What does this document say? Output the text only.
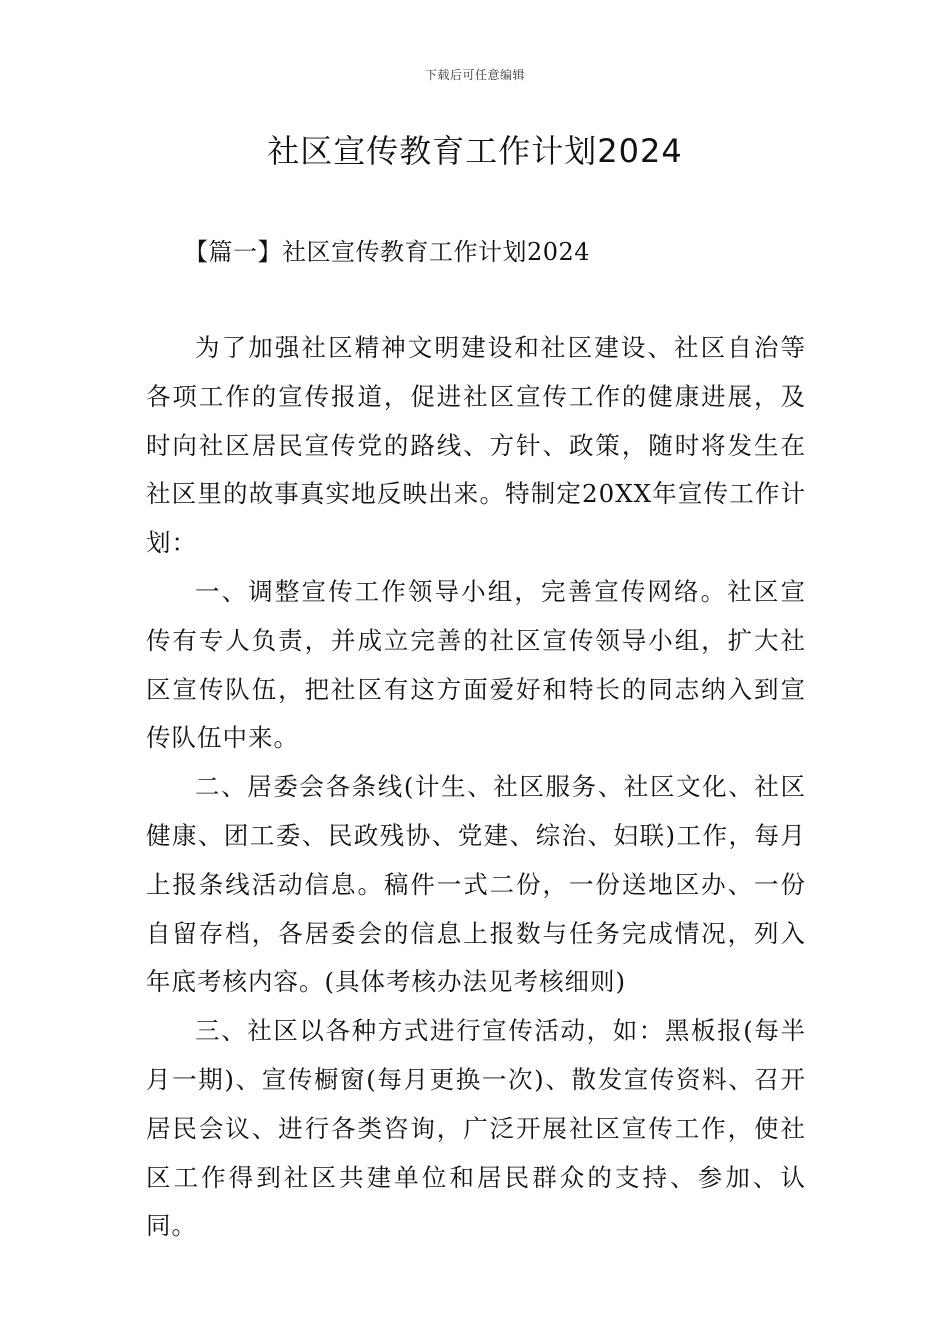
下载后可任意编辑
社区宣传教育工作计划2024
【篇一】社区宣传教育工作计划2024

为了加强社区精神文明建设和社区建设、社区自治等各项工作的宣传报道，促进社区宣传工作的健康进展，及时向社区居民宣传党的路线、方针、政策，随时将发生在社区里的故事真实地反映出来。特制定20XX年宣传工作计划：

一、调整宣传工作领导小组，完善宣传网络。社区宣传有专人负责，并成立完善的社区宣传领导小组，扩大社区宣传队伍，把社区有这方面爱好和特长的同志纳入到宣传队伍中来。

二、居委会各条线(计生、社区服务、社区文化、社区健康、团工委、民政残协、党建、综治、妇联)工作，每月上报条线活动信息。稿件一式二份，一份送地区办、一份自留存档，各居委会的信息上报数与任务完成情况，列入年底考核内容。(具体考核办法见考核细则)

三、社区以各种方式进行宣传活动，如：黑板报(每半月一期)、宣传橱窗(每月更换一次)、散发宣传资料、召开居民会议、进行各类咨询，广泛开展社区宣传工作，使社区工作得到社区共建单位和居民群众的支持、参加、认同。
